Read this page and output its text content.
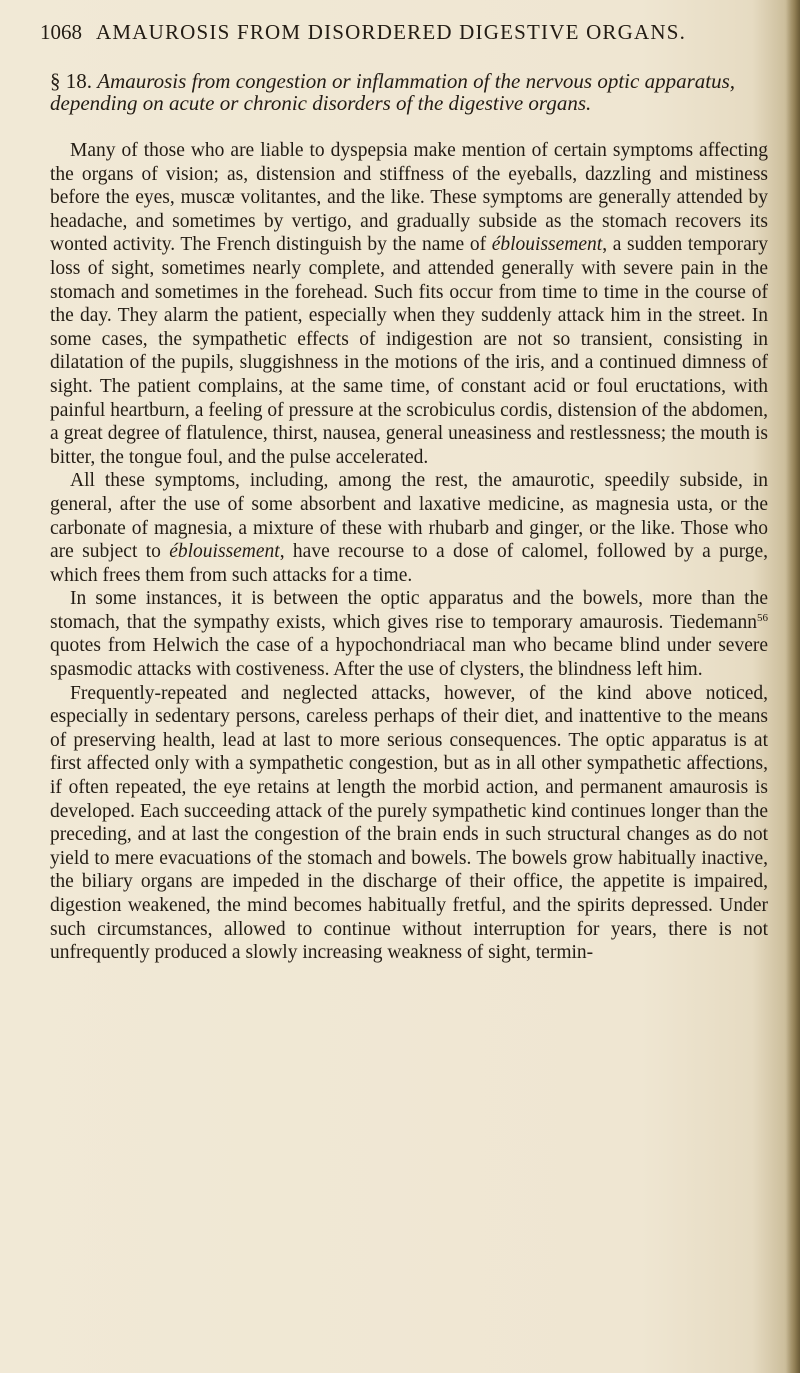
1068 AMAUROSIS FROM DISORDERED DIGESTIVE ORGANS.
§ 18. Amaurosis from congestion or inflammation of the nervous optic apparatus, depending on acute or chronic disorders of the digestive organs.

Many of those who are liable to dyspepsia make mention of certain symptoms affecting the organs of vision; as, distension and stiffness of the eyeballs, dazzling and mistiness before the eyes, muscæ volitantes, and the like. These symptoms are generally attended by headache, and sometimes by vertigo, and gradually subside as the stomach recovers its wonted activity. The French distinguish by the name of éblouissement, a sudden temporary loss of sight, sometimes nearly complete, and attended generally with severe pain in the stomach and sometimes in the forehead. Such fits occur from time to time in the course of the day. They alarm the patient, especially when they suddenly attack him in the street. In some cases, the sympathetic effects of indigestion are not so transient, consisting in dilatation of the pupils, sluggishness in the motions of the iris, and a continued dimness of sight. The patient complains, at the same time, of constant acid or foul eructations, with painful heartburn, a feeling of pressure at the scrobiculus cordis, distension of the abdomen, a great degree of flatulence, thirst, nausea, general uneasiness and restlessness; the mouth is bitter, the tongue foul, and the pulse accelerated.

All these symptoms, including, among the rest, the amaurotic, speedily subside, in general, after the use of some absorbent and laxative medicine, as magnesia usta, or the carbonate of magnesia, a mixture of these with rhubarb and ginger, or the like. Those who are subject to éblouissement, have recourse to a dose of calomel, followed by a purge, which frees them from such attacks for a time.

In some instances, it is between the optic apparatus and the bowels, more than the stomach, that the sympathy exists, which gives rise to temporary amaurosis. Tiedemann$^{56}$ quotes from Helwich the case of a hypochondriacal man who became blind under severe spasmodic attacks with costiveness. After the use of clysters, the blindness left him.

Frequently-repeated and neglected attacks, however, of the kind above noticed, especially in sedentary persons, careless perhaps of their diet, and inattentive to the means of preserving health, lead at last to more serious consequences. The optic apparatus is at first affected only with a sympathetic congestion, but as in all other sympathetic affections, if often repeated, the eye retains at length the morbid action, and permanent amaurosis is developed. Each succeeding attack of the purely sympathetic kind continues longer than the preceding, and at last the congestion of the brain ends in such structural changes as do not yield to mere evacuations of the stomach and bowels. The bowels grow habitually inactive, the biliary organs are impeded in the discharge of their office, the appetite is impaired, digestion weakened, the mind becomes habitually fretful, and the spirits depressed. Under such circumstances, allowed to continue without interruption for years, there is not unfrequently produced a slowly increasing weakness of sight, termin-
